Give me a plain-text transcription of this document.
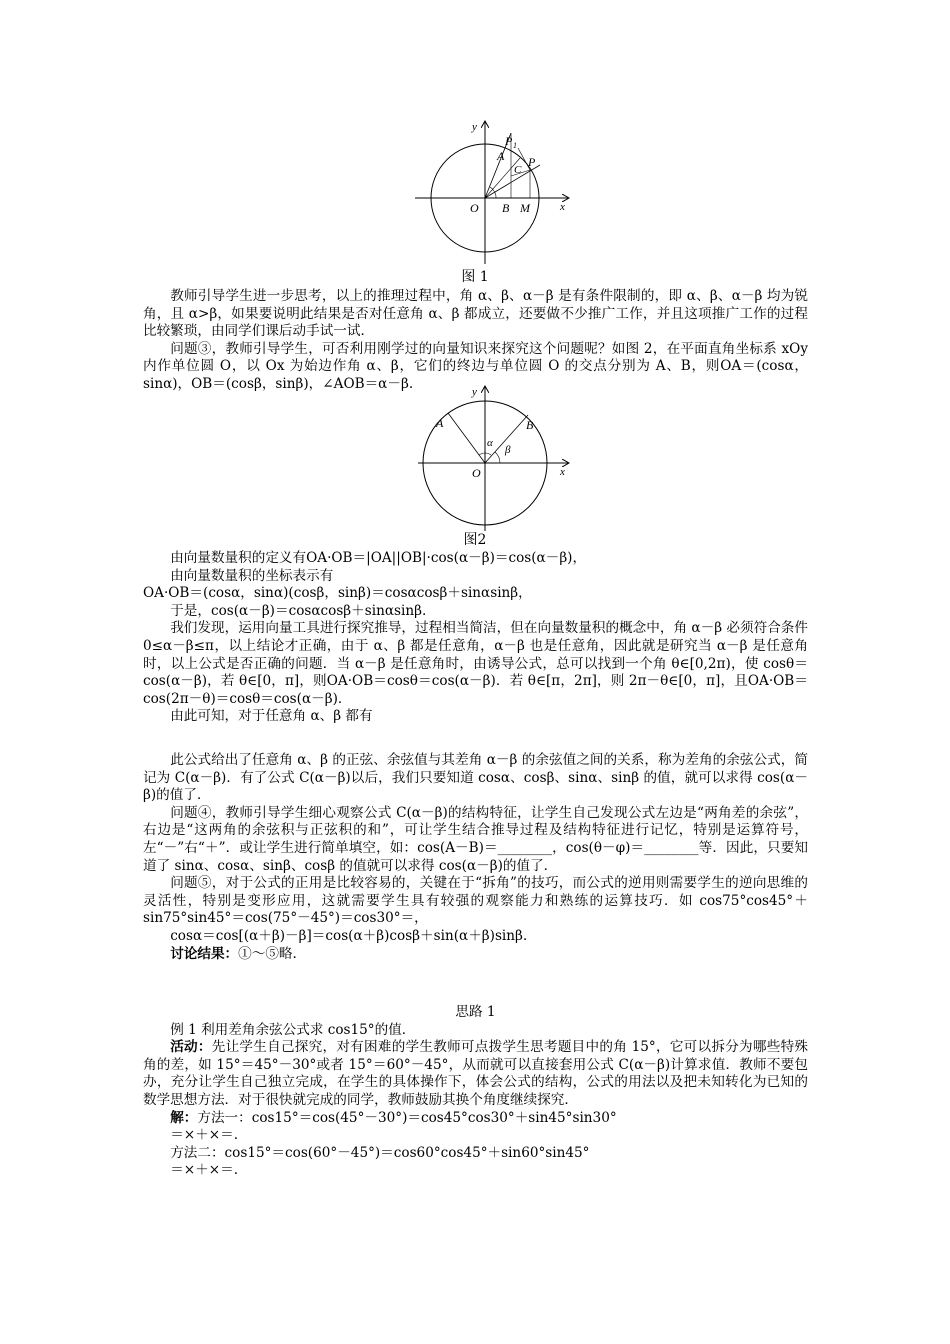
y
x
O
P 1
A
C
P
B M
图 1

教师引导学生进一步思考，以上的推理过程中，角 α、β、α－β 是有条件限制的，即 α、β、α－β 均为锐角，且 α>β，如果要说明此结果是否对任意角 α、β 都成立，还要做不少推广工作，并且这项推广工作的过程比较繁琐，由同学们课后动手试一试．

问题③，教师引导学生，可否利用刚学过的向量知识来探究这个问题呢？如图 2，在平面直角坐标系 xOy 内作单位圆 O，以 Ox 为始边作角 α、β，它们的终边与单位圆 O 的交点分别为 A、B，则OA＝(cosα，sinα)，OB＝(cosβ，sinβ)，∠AOB＝α－β.

y
x
O
A	B
α
β
图2

由向量数量积的定义有OA·OB＝|OA||OB|·cos(α－β)＝cos(α－β)，

由向量数量积的坐标表示有

OA·OB＝(cosα，sinα)(cosβ，sinβ)＝cosαcosβ＋sinαsinβ，

于是，cos(α－β)＝cosαcosβ＋sinαsinβ.

我们发现，运用向量工具进行探究推导，过程相当简洁，但在向量数量积的概念中，角 α－β 必须符合条件 0≤α－β≤π，以上结论才正确，由于 α、β 都是任意角，α－β 也是任意角，因此就是研究当 α－β 是任意角时，以上公式是否正确的问题．当 α－β 是任意角时，由诱导公式，总可以找到一个角 θ∈[0,2π)，使 cosθ＝cos(α－β)，若 θ∈[0，π]，则OA·OB＝cosθ＝cos(α－β)．若 θ∈[π，2π]，则 2π－θ∈[0，π]，且OA·OB＝cos(2π－θ)＝cosθ＝cos(α－β)．

由此可知，对于任意角 α、β 都有

此公式给出了任意角 α、β 的正弦、余弦值与其差角 α－β 的余弦值之间的关系，称为差角的余弦公式，简记为 C(α－β)．有了公式 C(α－β)以后，我们只要知道 cosα、cosβ、sinα、sinβ 的值，就可以求得 cos(α－β)的值了．

问题④，教师引导学生细心观察公式 C(α－β)的结构特征，让学生自己发现公式左边是“两角差的余弦”，右边是“这两角的余弦积与正弦积的和”，可让学生结合推导过程及结构特征进行记忆，特别是运算符号，左“－”右“＋”．或让学生进行简单填空，如：cos(A－B)＝________，cos(θ－φ)＝________等．因此，只要知道了 sinα、cosα、sinβ、cosβ 的值就可以求得 cos(α－β)的值了．

问题⑤，对于公式的正用是比较容易的，关键在于“拆角”的技巧，而公式的逆用则需要学生的逆向思维的灵活性，特别是变形应用，这就需要学生具有较强的观察能力和熟练的运算技巧．如 cos75°cos45°＋sin75°sin45°＝cos(75°－45°)＝cos30°＝，

cosα＝cos[(α＋β)－β]＝cos(α＋β)cosβ＋sin(α＋β)sinβ.

讨论结果：①～⑤略.

思路 1

例 1 利用差角余弦公式求 cos15°的值．

活动：先让学生自己探究，对有困难的学生教师可点拨学生思考题目中的角 15°，它可以拆分为哪些特殊角的差，如 15°＝45°－30°或者 15°＝60°－45°，从而就可以直接套用公式 C(α－β)计算求值．教师不要包办，充分让学生自己独立完成，在学生的具体操作下，体会公式的结构，公式的用法以及把未知转化为已知的数学思想方法．对于很快就完成的同学，教师鼓励其换个角度继续探究．

解：方法一：cos15°＝cos(45°－30°)＝cos45°cos30°＋sin45°sin30°

＝×＋×＝.

方法二：cos15°＝cos(60°－45°)＝cos60°cos45°＋sin60°sin45°

＝×＋×＝.
